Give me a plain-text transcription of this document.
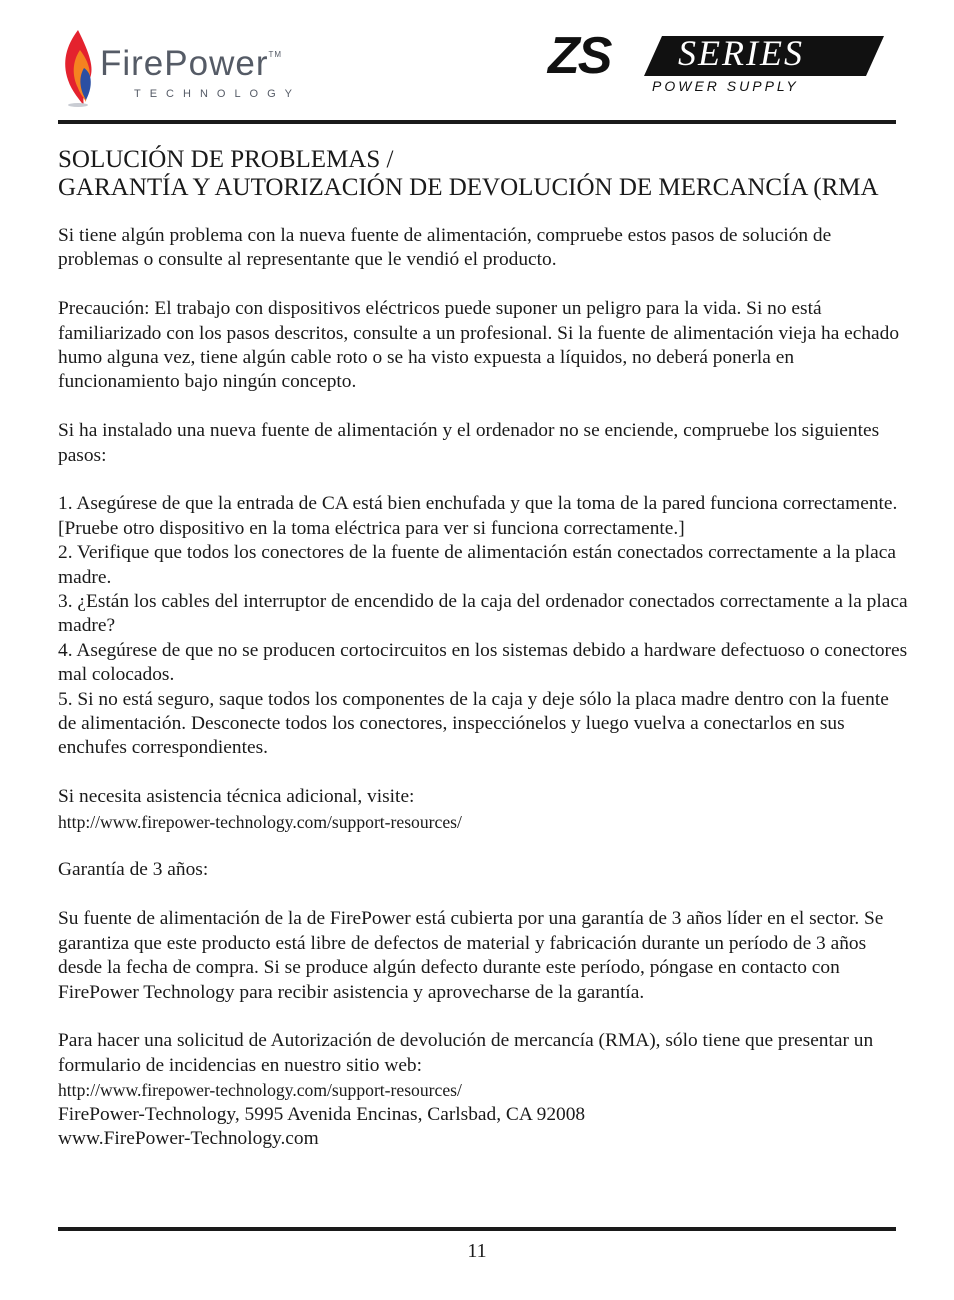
FirePower™
TECHNOLOGY
ZS SERIES
POWER SUPPLY
SOLUCIÓN DE PROBLEMAS /
GARANTÍA Y AUTORIZACIÓN DE DEVOLUCIÓN DE MERCANCÍA (RMA

Si tiene algún problema con la nueva fuente de alimentación, compruebe estos pasos de solución de problemas o consulte al representante que le vendió el producto.

Precaución: El trabajo con dispositivos eléctricos puede suponer un peligro para la vida. Si no está familiarizado con los pasos descritos, consulte a un profesional. Si la fuente de alimentación vieja ha echado humo alguna vez, tiene algún cable roto o se ha visto expuesta a líquidos, no deberá ponerla en funcionamiento bajo ningún concepto.

Si ha instalado una nueva fuente de alimentación y el ordenador no se enciende, compruebe los siguientes pasos:

1. Asegúrese de que la entrada de CA está bien enchufada y que la toma de la pared funciona correctamente. [Pruebe otro dispositivo en la toma eléctrica para ver si funciona correctamente.]
2. Verifique que todos los conectores de la fuente de alimentación están conectados correctamente a la placa madre.
3. ¿Están los cables del interruptor de encendido de la caja del ordenador conectados correctamente a la placa madre?
4. Asegúrese de que no se producen cortocircuitos en los sistemas debido a hardware defectuoso o conectores mal colocados.
5. Si no está seguro, saque todos los componentes de la caja y deje sólo la placa madre dentro con la fuente de alimentación. Desconecte todos los conectores, inspecciónelos y luego vuelva a conectarlos en sus enchufes correspondientes.

Si necesita asistencia técnica adicional, visite:

http://www.firepower-technology.com/support-resources/

Garantía de 3 años:

Su fuente de alimentación de la de FirePower está cubierta por una garantía de 3 años líder en el sector. Se garantiza que este producto está libre de defectos de material y fabricación durante un período de 3 años desde la fecha de compra. Si se produce algún defecto durante este período, póngase en contacto con FirePower Technology para recibir asistencia y aprovecharse de la garantía.

Para hacer una solicitud de Autorización de devolución de mercancía (RMA), sólo tiene que presentar un formulario de incidencias en nuestro sitio web:

http://www.firepower-technology.com/support-resources/

FirePower-Technology, 5995 Avenida Encinas, Carlsbad, CA 92008

www.FirePower-Technology.com

11
